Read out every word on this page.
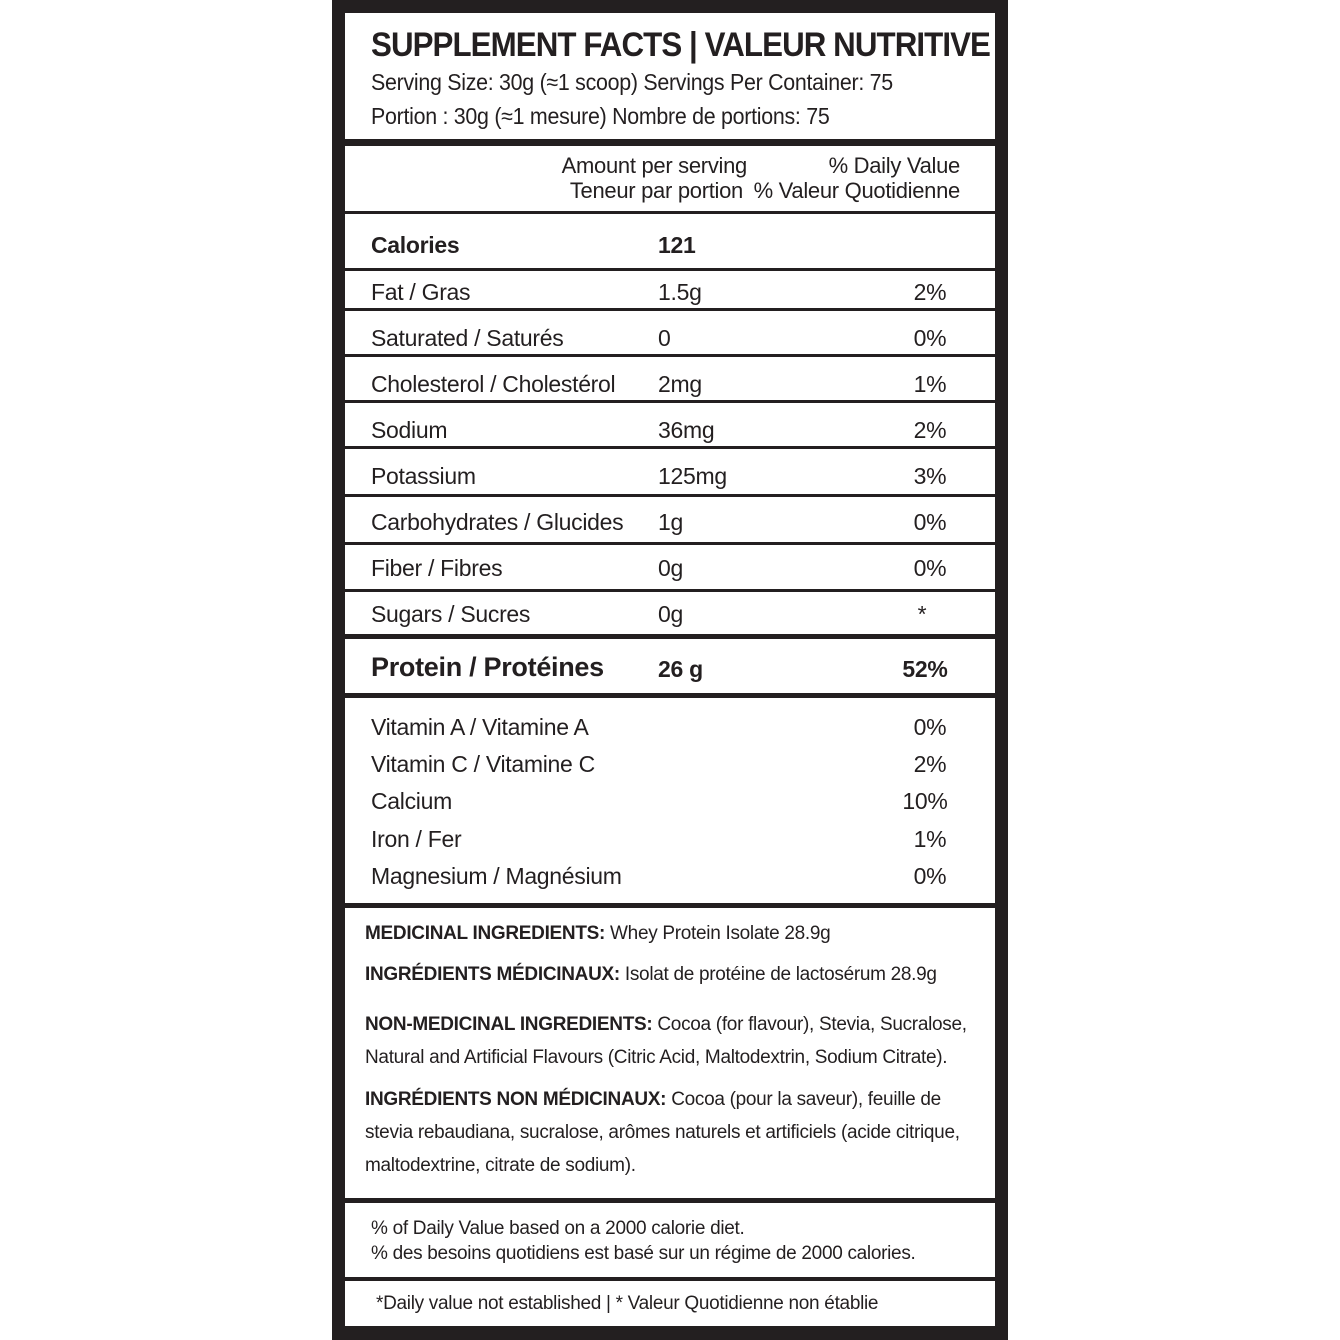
SUPPLEMENT FACTS | VALEUR NUTRITIVE
Serving Size: 30g (≈1 scoop) Servings Per Container: 75
Portion : 30g (≈1 mesure) Nombre de portions: 75
Amount per serving
Teneur par portion
% Daily Value
% Valeur Quotidienne
Calories	121
Fat / Gras	1.5g	2%
Saturated / Saturés	0	0%
Cholesterol / Cholestérol 2mg	1%
Sodium	36mg	2%
Potassium	125mg	3%
Carbohydrates / Glucides 1g	0%
Fiber / Fibres	0g	0%
Sugars / Sucres	0g	*
Protein / Protéines 26 g	52%
Vitamin A / Vitamine A	0%
Vitamin C / Vitamine C	2%
Calcium	10%
Iron / Fer	1%
Magnesium / Magnésium	0%
MEDICINAL INGREDIENTS: Whey Protein Isolate 28.9g
INGRÉDIENTS MÉDICINAUX: Isolat de protéine de lactosérum 28.9g
NON-MEDICINAL INGREDIENTS: Cocoa (for flavour), Stevia, Sucralose, Natural and Artificial Flavours (Citric Acid, Maltodextrin, Sodium Citrate).
INGRÉDIENTS NON MÉDICINAUX: Cocoa (pour la saveur), feuille de stevia rebaudiana, sucralose, arômes naturels et artificiels (acide citrique, maltodextrine, citrate de sodium).
% of Daily Value based on a 2000 calorie diet.
% des besoins quotidiens est basé sur un régime de 2000 calories.
*Daily value not established | * Valeur Quotidienne non établie
